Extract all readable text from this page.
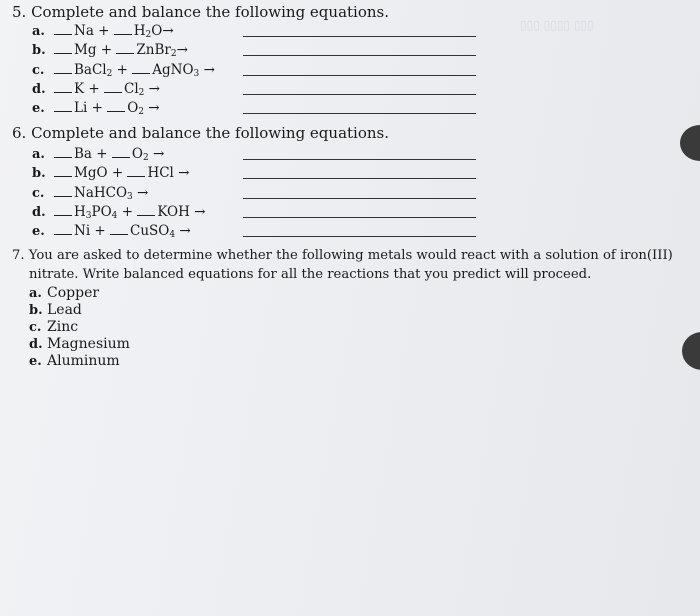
▯▯▯ ▯▯▯▯ ▯▯▯
5. Complete and balance the following equations.
a. $Na + H_2O\to$
b. Mg + ZnBr$_2$→
c. BaCl$_2$ + AgNO$_3$ →
d. $K + Cl_2$ →
e. $Li + O_2$ →
6. Complete and balance the following equations.
a. $Ba + O_2$ →
b. MgO + HCl →
c. NaHCO$_3$ →
d. $H_3PO_4$ + KOH →
e. Ni + CuSO$_4$ →
7. You are asked to determine whether the following metals would react with a solution of iron(III)
nitrate. Write balanced equations for all the reactions that you predict will proceed.
a. Copper
b. Lead
c. Zinc
d. Magnesium
e. Aluminum
